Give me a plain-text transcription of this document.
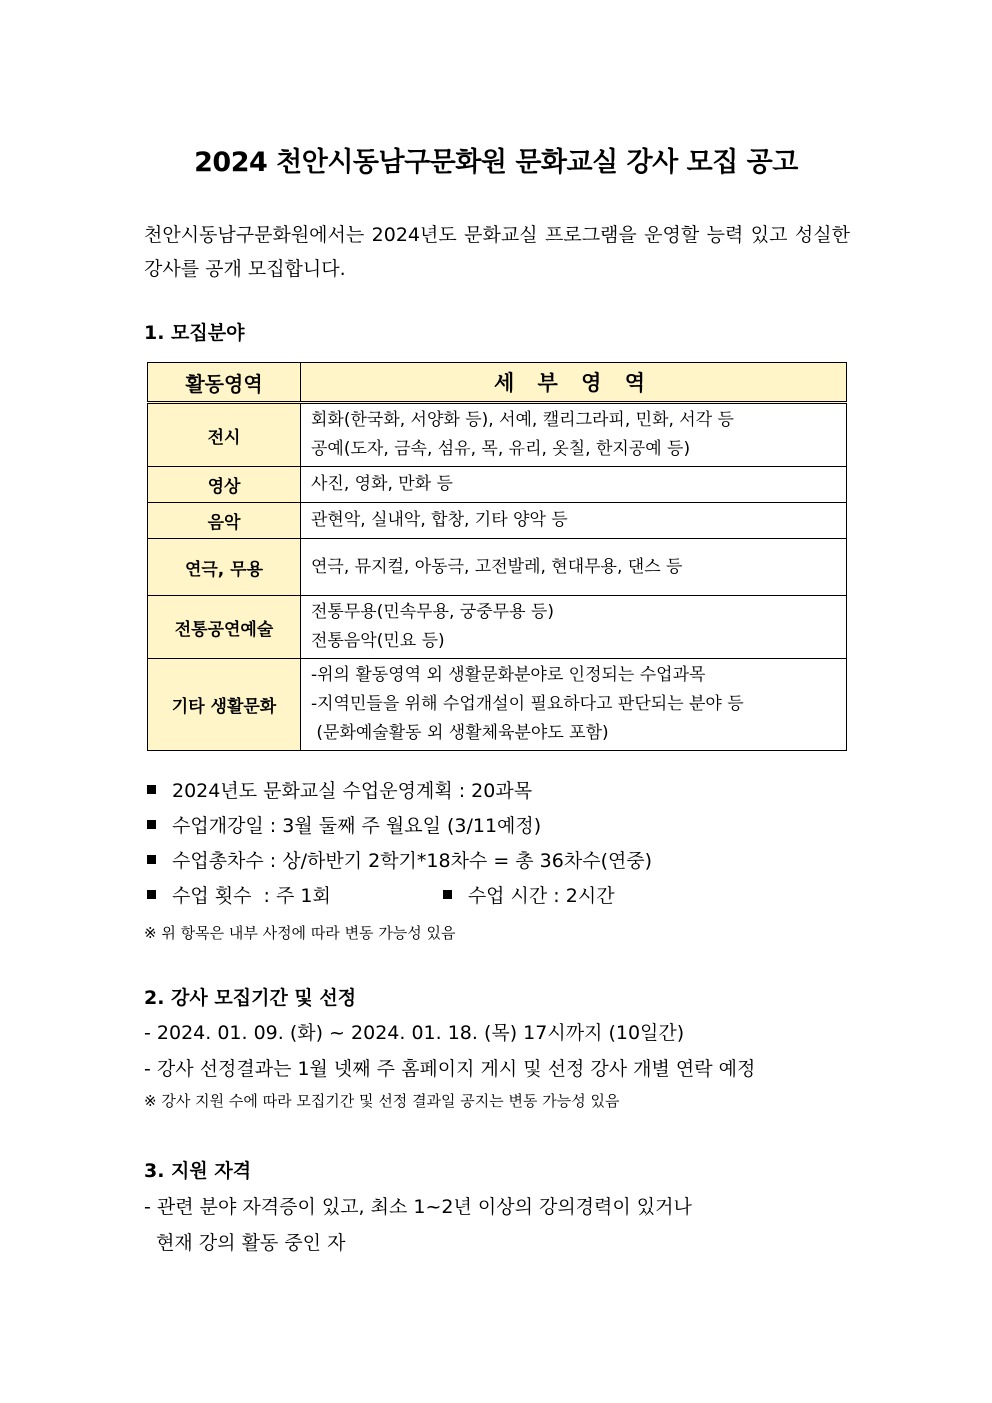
2024 천안시동남구문화원 문화교실 강사 모집 공고
천안시동남구문화원에서는 2024년도 문화교실 프로그램을 운영할 능력 있고 성실한 강사를 공개 모집합니다.
1. 모집분야
활동영역	세 부 영 역
전시	회화(한국화, 서양화 등), 서예, 캘리그라피, 민화, 서각 등
공예(도자, 금속, 섬유, 목, 유리, 옷칠, 한지공예 등)

영상	사진, 영화, 만화 등

음악	관현악, 실내악, 합창, 기타 양악 등

연극, 무용	연극, 뮤지컬, 아동극, 고전발레, 현대무용, 댄스 등

전통공연예술	전통무용(민속무용, 궁중무용 등)
전통음악(민요 등)

기타 생활문화	-위의 활동영역 외 생활문화분야로 인정되는 수업과목
-지역민들을 위해 수업개설이 필요하다고 판단되는 분야 등
(문화예술활동 외 생활체육분야도 포함)
2024년도 문화교실 수업운영계획 : 20과목
수업개강일 : 3월 둘째 주 월요일 (3/11예정)
수업총차수 : 상/하반기 2학기*18차수 = 총 36차수(연중)
수업 횟수  : 주 1회	수업 시간 : 2시간
※ 위 항목은 내부 사정에 따라 변동 가능성 있음
2. 강사 모집기간 및 선정
- 2024. 01. 09. (화) ~ 2024. 01. 18. (목) 17시까지 (10일간)
- 강사 선정결과는 1월 넷째 주 홈페이지 게시 및 선정 강사 개별 연락 예정
※ 강사 지원 수에 따라 모집기간 및 선정 결과일 공지는 변동 가능성 있음
3. 지원 자격
- 관련 분야 자격증이 있고, 최소 1~2년 이상의 강의경력이 있거나
현재 강의 활동 중인 자
